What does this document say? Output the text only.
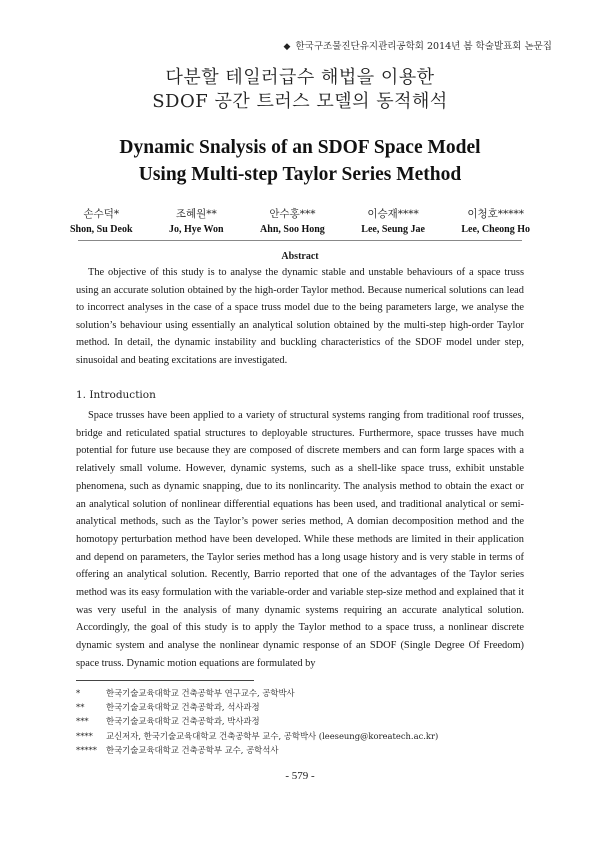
◆ 한국구조물진단유지관리공학회 2014년 봄 학술발표회 논문집
다분할 테일러급수 해법을 이용한
SDOF 공간 트러스 모델의 동적해석
Dynamic Snalysis of an SDOF Space Model
Using Multi-step Taylor Series Method
손수덕*
Shon, Su Deok
조혜원**
Jo, Hye Won
안수홍***
Ahn, Soo Hong
이승재****
Lee, Seung Jae
이청호*****
Lee, Cheong Ho
Abstract

The objective of this study is to analyse the dynamic stable and unstable behaviours of a space truss using an accurate solution obtained by the high-order Taylor method. Because numerical solutions can lead to incorrect analyses in the case of a space truss model due to the being parameters large, we analyse the solution’s behaviour using essentially an analytical solution obtained by the multi-step high-order Taylor method. In detail, the dynamic instability and buckling characteristics of the SDOF model under step, sinusoidal and beating excitations are investigated.

1. Introduction

Space trusses have been applied to a variety of structural systems ranging from traditional roof trusses, bridge and reticulated spatial structures to deployable structures. Furthermore, space trusses have much potential for future use because they are composed of discrete members and can form large spaces with a relatively small volume. However, dynamic systems, such as a shell-like space truss, exhibit unstable phenomena, such as dynamic snapping, due to its nonlincarity. The analysis method to obtain the exact or an analytical solution of nonlinear differential equations has been used, and traditional analytical or semi-analytical methods, such as the Taylor’s power series method, A domian decomposition method and the homotopy perturbation method have been developed. While these methods are limited in their application and depend on parameters, the Taylor series method has a long usage history and is very stable in terms of offering an analytical solution. Recently, Barrio reported that one of the advantages of the Taylor series method was its easy formulation with the variable-order and variable step-size method and explained that it was very useful in the analysis of many dynamic systems requiring an accurate analytical solution. Accordingly, the goal of this study is to apply the Taylor method to a space truss, a nonlinear discrete dynamic system and analyse the nonlinear dynamic response of an SDOF (Single Degree Of Freedom) space truss. Dynamic motion equations are formulated by

*	한국기술교육대학교 건축공학부 연구교수, 공학박사
**	한국기술교육대학교 건축공학과, 석사과정
***	한국기술교육대학교 건축공학과, 박사과정
****	교신저자, 한국기술교육대학교 건축공학부 교수, 공학박사 (leeseung@koreatech.ac.kr)
*****	한국기술교육대학교 건축공학부 교수, 공학석사
- 579 -
